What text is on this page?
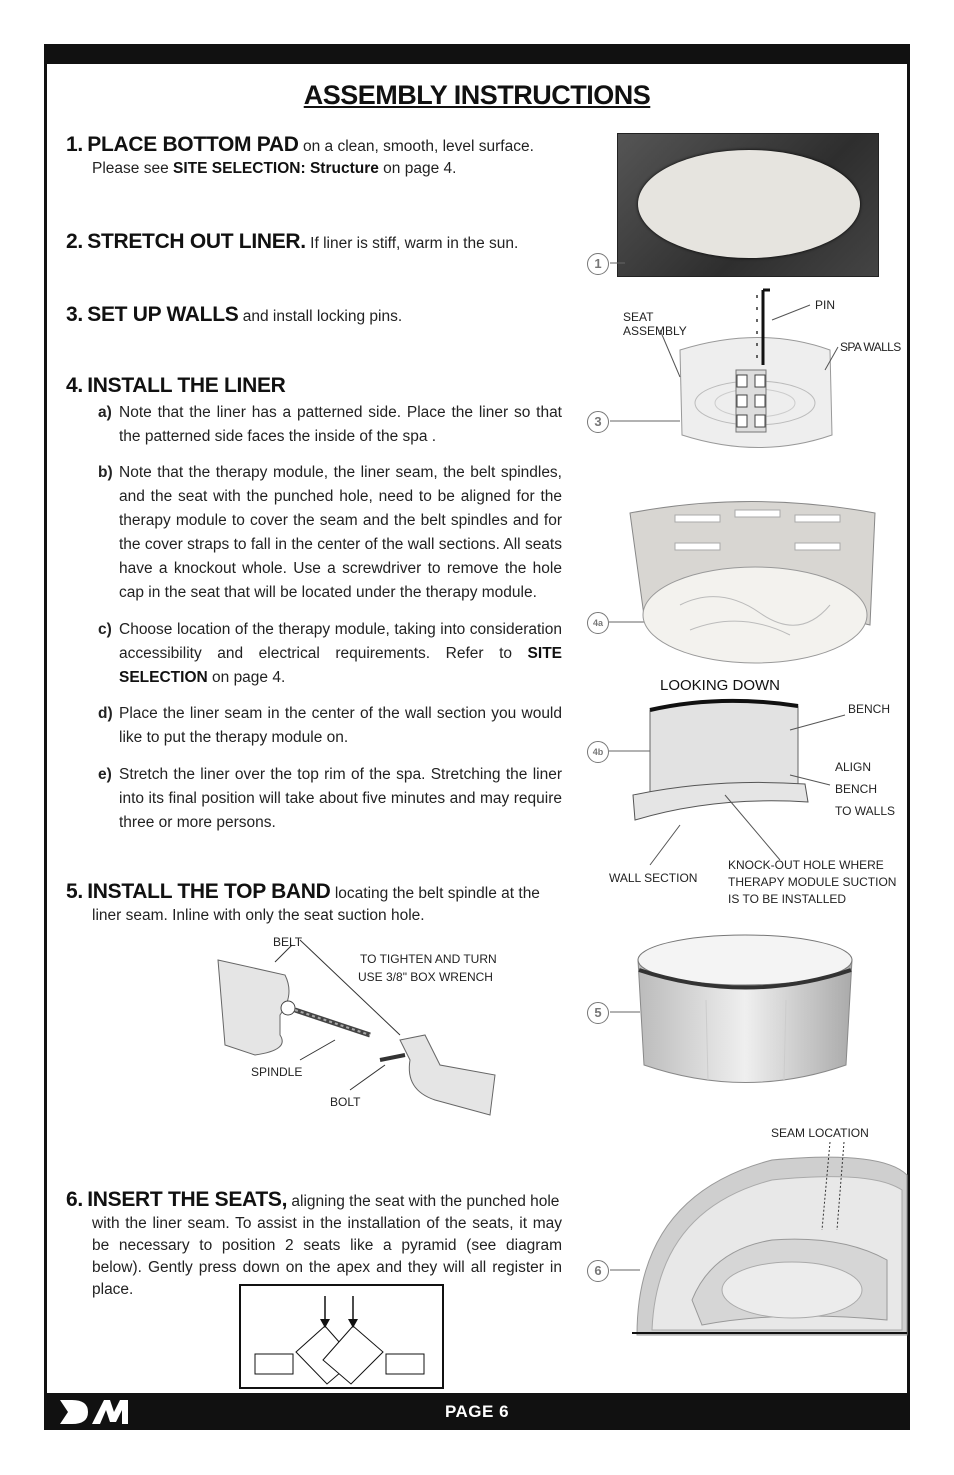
ASSEMBLY INSTRUCTIONS
1. PLACE BOTTOM PAD on a clean, smooth, level surface.
Please see SITE SELECTION: Structure on page 4.
2. STRETCH OUT LINER. If liner is stiff, warm in the sun.
3. SET UP WALLS and install locking pins.
4. INSTALL THE LINER
a) Note that the liner has a patterned side. Place the liner so that the patterned side faces the inside of the spa .
b) Note that the therapy module, the liner seam, the belt spindles, and the seat with the punched hole, need to be aligned for the therapy module to cover the seam and the belt spindles and for the cover straps to fall in the center of the wall sections. All seats have a knockout whole. Use a screwdriver to remove the hole cap in the seat that will be located under the therapy module.
c) Choose location of the therapy module, taking into consideration accessibility and electrical requirements. Refer to SITE SELECTION on page 4.
d) Place the liner seam in the center of the wall section you would like to put the therapy module on.
e) Stretch the liner over the top rim of the spa. Stretching the liner into its final position will take about five minutes and may require three or more persons.
5. INSTALL THE TOP BAND locating the belt spindle at the
liner seam. Inline with only the seat suction hole.
6. INSERT THE SEATS, aligning the seat with the punched hole
with the liner seam. To assist in the installation of the seats, it may be necessary to position 2 seats like a pyramid (see diagram below). Gently press down on the apex and they will all register in place.
1
3
PIN
SEAT
ASSEMBLY
SPA WALLS
4a
LOOKING DOWN
4b
BENCH
ALIGN
BENCH
TO WALLS
WALL SECTION
KNOCK-OUT HOLE WHERE
THERAPY MODULE SUCTION
IS TO BE INSTALLED
5
BELT
TO TIGHTEN AND TURN
USE 3/8" BOX WRENCH
SPINDLE
BOLT
SEAM LOCATION
6
PAGE 6
